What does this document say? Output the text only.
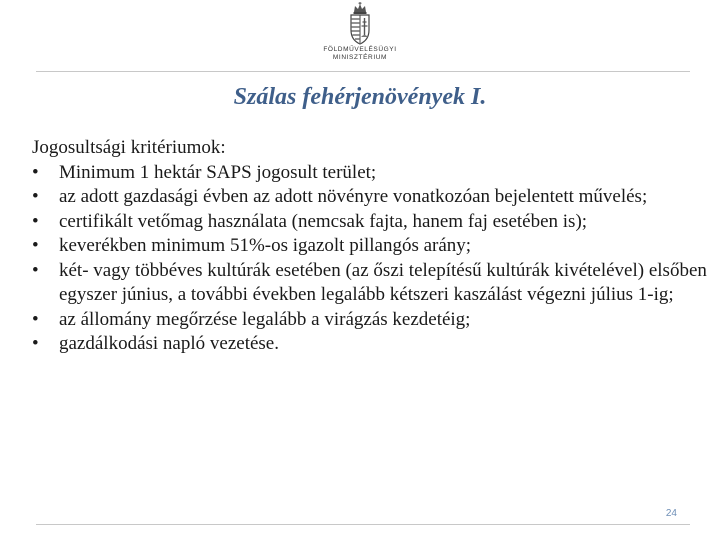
FÖLDMŰVELÉSÜGYI
MINISZTÉRIUM
Szálas fehérjenövények I.

Jogosultsági kritériumok:

• Minimum 1 hektár SAPS jogosult terület;
• az adott gazdasági évben az adott növényre vonatkozóan bejelentett művelés;
• certifikált vetőmag használata (nemcsak fajta, hanem faj esetében is);
• keverékben minimum 51%-os igazolt pillangós arány;
• két- vagy többéves kultúrák esetében (az őszi telepítésű kultúrák kivételével) elsőben egyszer június, a további években legalább kétszeri kaszálást végezni július 1-ig;
• az állomány megőrzése legalább a virágzás kezdetéig;
• gazdálkodási napló vezetése.
24
